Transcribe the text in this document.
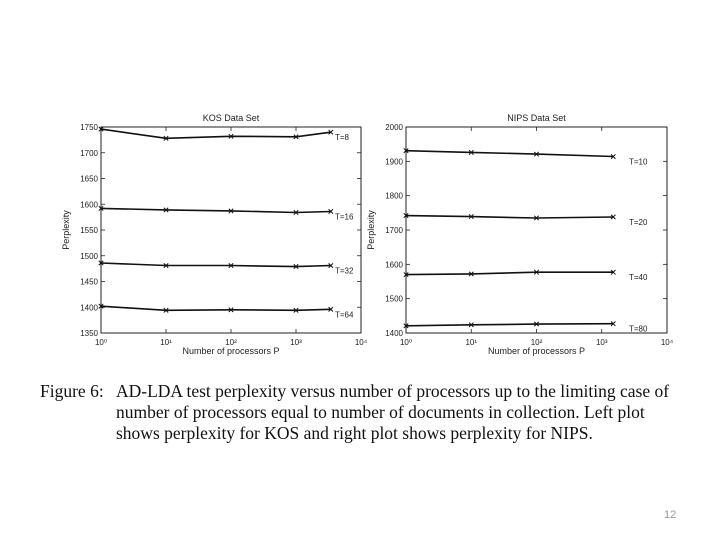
KOS Data Set
Number of processors P
Perplexity
1350
1400
1450
1500
1550
1600
1650
1700
1750
10⁰	10¹	10²	10³	10⁴
T=8
T=16
T=32
T=64
NIPS Data Set
Number of processors P
Perplexity
1400
1500
1600
1700
1800
1900
2000
10⁰	10¹	10²	10³	10⁴
T=10
T=20
T=40
T=80
Figure 6: AD-LDA test perplexity versus number of processors up to the limiting case of number of processors equal to number of documents in collection. Left plot shows perplexity for KOS and right plot shows perplexity for NIPS.
12
